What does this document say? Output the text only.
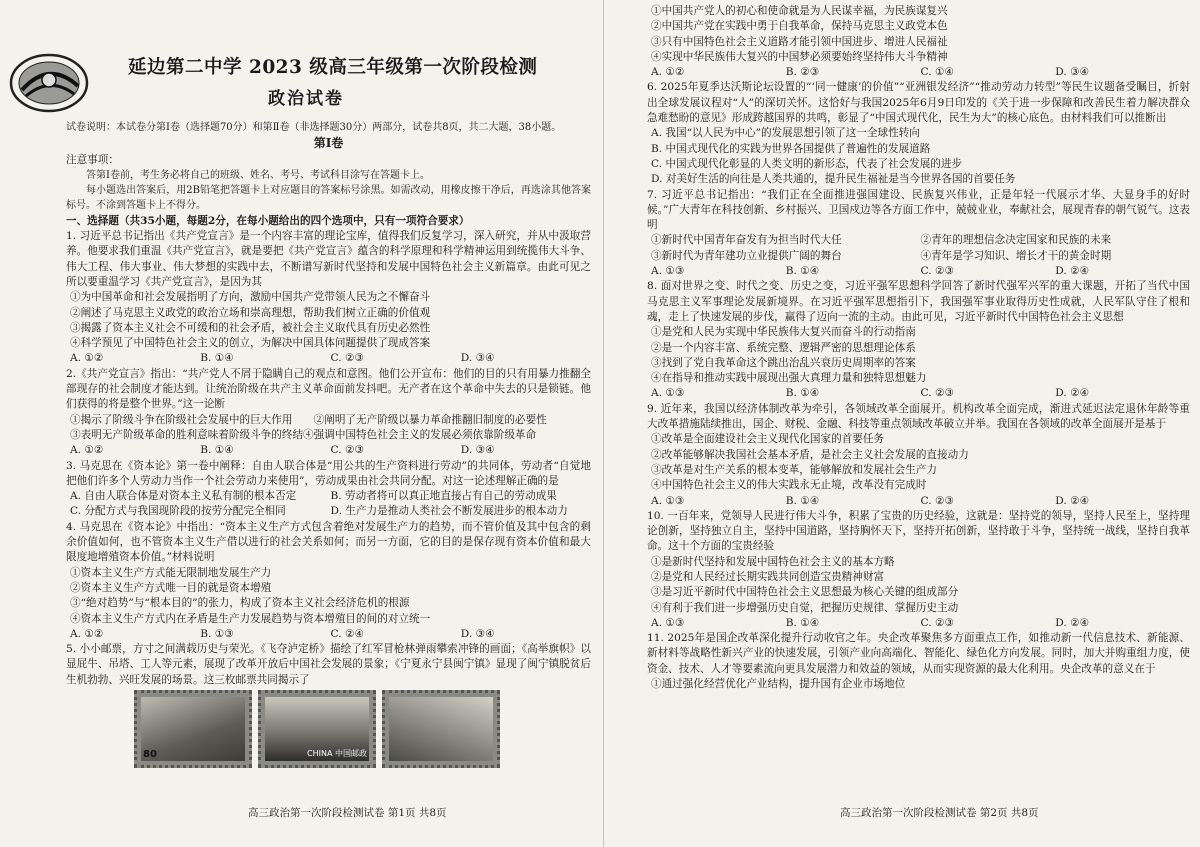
延边第二中学 2023 级高三年级第一次阶段检测
政治试卷

试卷说明：本试卷分第Ⅰ卷（选择题70分）和第Ⅱ卷（非选择题30分）两部分，试卷共8页，共二大题，38小题。

第Ⅰ卷

注意事项：

答第Ⅰ卷前，考生务必将自己的班级、姓名、考号、考试科目涂写在答题卡上。

每小题选出答案后，用2B铅笔把答题卡上对应题目的答案标号涂黑。如需改动，用橡皮擦干净后，再选涂其他答案标号。不涂到答题卡上不得分。

一、选择题（共35小题，每题2分，在每小题给出的四个选项中，只有一项符合要求）

1. 习近平总书记指出《共产党宣言》是一个内容丰富的理论宝库，值得我们反复学习，深入研究，并从中汲取营养。他要求我们重温《共产党宣言》，就是要把《共产党宣言》蕴含的科学原理和科学精神运用到统揽伟大斗争、伟大工程、伟大事业、伟大梦想的实践中去，不断谱写新时代坚持和发展中国特色社会主义新篇章。由此可见之所以要重温学习《共产党宣言》，是因为其

①为中国革命和社会发展指明了方向，激励中国共产党带领人民为之不懈奋斗

②阐述了马克思主义政党的政治立场和崇高理想，帮助我们树立正确的价值观

③揭露了资本主义社会不可缓和的社会矛盾，被社会主义取代具有历史必然性

④科学预见了中国特色社会主义的创立，为解决中国具体问题提供了现成答案

A. ①②	B. ①④	C. ②③	D. ③④

2.《共产党宣言》指出：“共产党人不屑于隐瞒自己的观点和意图。他们公开宣布：他们的目的只有用暴力推翻全部现存的社会制度才能达到。让统治阶级在共产主义革命面前发抖吧。无产者在这个革命中失去的只是锁链。他们获得的将是整个世界。”这一论断

①揭示了阶级斗争在阶级社会发展中的巨大作用　　②阐明了无产阶级以暴力革命推翻旧制度的必要性

③表明无产阶级革命的胜利意味着阶级斗争的终结④强调中国特色社会主义的发展必须依靠阶级革命

A. ①②	B. ①④	C. ②③	D. ③④

3. 马克思在《资本论》第一卷中阐释：自由人联合体是“用公共的生产资料进行劳动”的共同体，劳动者“自觉地把他们许多个人劳动力当作一个社会劳动力来使用”，劳动成果由社会共同分配。对这一论述理解正确的是

A. 自由人联合体是对资本主义私有制的根本否定	B. 劳动者将可以真正地直接占有自己的劳动成果
C. 分配方式与我国现阶段的按劳分配完全相同	D. 生产力是推动人类社会不断发展进步的根本动力

4. 马克思在《资本论》中指出：“资本主义生产方式包含着绝对发展生产力的趋势，而不管价值及其中包含的剩余价值如何，也不管资本主义生产借以进行的社会关系如何；而另一方面，它的目的是保存现有资本价值和最大限度地增殖资本价值。”材料说明

①资本主义生产方式能无限制地发展生产力

②资本主义生产方式唯一目的就是资本增殖

③“绝对趋势”与“根本目的”的张力，构成了资本主义社会经济危机的根源

④资本主义生产方式内在矛盾是生产力发展趋势与资本增殖目的间的对立统一

A. ①②	B. ①③	C. ②④	D. ③④

5. 小小邮票，方寸之间满载历史与荣光。《飞夺泸定桥》描绘了红军冒枪林弹雨攀索冲锋的画面；《高举旗帜》以显屁牛、吊塔、工人等元素，展现了改革开放后中国社会发展的景象；《宁夏永宁县闽宁镇》显现了闽宁镇脱贫后生机勃勃、兴旺发展的场景。这三枚邮票共同揭示了

80	CHINA 中国邮政
高三政治第一次阶段检测试卷 第1页 共8页

①中国共产党人的初心和使命就是为人民谋幸福，为民族谋复兴

②中国共产党在实践中勇于自我革命，保持马克思主义政党本色

③只有中国特色社会主义道路才能引领中国进步、增进人民福祉

④实现中华民族伟大复兴的中国梦必须要始终坚持伟大斗争精神

A. ①②	B. ②③	C. ①④	D. ③④

6. 2025年夏季达沃斯论坛设置的“‘同一健康’的价值”“亚洲银发经济”“推动劳动力转型”等民生议题备受瞩目，折射出全球发展议程对“人”的深切关怀。这恰好与我国2025年6月9日印发的《关于进一步保障和改善民生着力解决群众急难愁盼的意见》形成跨越国界的共鸣，彰显了“中国式现代化，民生为大”的核心底色。由材料我们可以推断出

A. 我国“以人民为中心”的发展思想引领了这一全球性转向

B. 中国式现代化的实践为世界各国提供了普遍性的发展道路

C. 中国式现代化彰显的人类文明的新形态，代表了社会发展的进步

D. 对美好生活的向往是人类共通的，提升民生福祉是当今世界各国的首要任务

7. 习近平总书记指出：“我们正在全面推进强国建设、民族复兴伟业，正是年轻一代展示才华、大显身手的好时候。”广大青年在科技创新、乡村振兴、卫国戍边等各方面工作中，兢兢业业，奉献社会，展现青春的朝气锐气。这表明

①新时代中国青年奋发有为担当时代大任	②青年的理想信念决定国家和民族的未来
③新时代为青年建功立业提供广阔的舞台	④青年是学习知识、增长才干的黄金时期
A. ①③	B. ①④	C. ②③	D. ②④

8. 面对世界之变、时代之变、历史之变，习近平强军思想科学回答了新时代强军兴军的重大课题，开拓了当代中国马克思主义军事理论发展新境界。在习近平强军思想指引下，我国强军事业取得历史性成就，人民军队守住了根和魂，走上了快速发展的步伐，赢得了迈向一流的主动。由此可见，习近平新时代中国特色社会主义思想

①是党和人民为实现中华民族伟大复兴而奋斗的行动指南

②是一个内容丰富、系统完整、逻辑严密的思想理论体系

③找到了党自我革命这个跳出治乱兴衰历史周期率的答案

④在指导和推动实践中展现出强大真理力量和独特思想魅力

A. ①③	B. ①④	C. ②③	D. ②④

9. 近年来，我国以经济体制改革为牵引，各领域改革全面展开。机构改革全面完成，渐进式延迟法定退休年龄等重大改革措施陆续推出，国企、财税、金融、科技等重点领域改革破立并举。我国在各领域的改革全面展开是基于

①改革是全面建设社会主义现代化国家的首要任务

②改革能够解决我国社会基本矛盾，是社会主义社会发展的直接动力

③改革是对生产关系的根本变革，能够解放和发展社会生产力

④中国特色社会主义的伟大实践永无止境，改革没有完成时

A. ①③	B. ①④	C. ②③	D. ②④

10. 一百年来，党领导人民进行伟大斗争，积累了宝贵的历史经验，这就是：坚持党的领导，坚持人民至上，坚持理论创新，坚持独立自主，坚持中国道路，坚持胸怀天下，坚持开拓创新，坚持敢于斗争，坚持统一战线，坚持自我革命。这十个方面的宝贵经验

①是新时代坚持和发展中国特色社会主义的基本方略

②是党和人民经过长期实践共同创造宝贵精神财富

③是习近平新时代中国特色社会主义思想最为核心关键的组成部分

④有利于我们进一步增强历史自觉，把握历史规律、掌握历史主动

A. ①③	B. ①④	C. ②③	D. ②④

11. 2025年是国企改革深化提升行动收官之年。央企改革聚焦多方面重点工作，如推动新一代信息技术、新能源、新材料等战略性新兴产业的快速发展，引领产业向高端化、智能化、绿色化方向发展。同时，加大并购重组力度，使资金、技术、人才等要素流向更具发展潜力和效益的领域，从而实现资源的最大化利用。央企改革的意义在于

①通过强化经营优化产业结构，提升国有企业市场地位

高三政治第一次阶段检测试卷 第2页 共8页
